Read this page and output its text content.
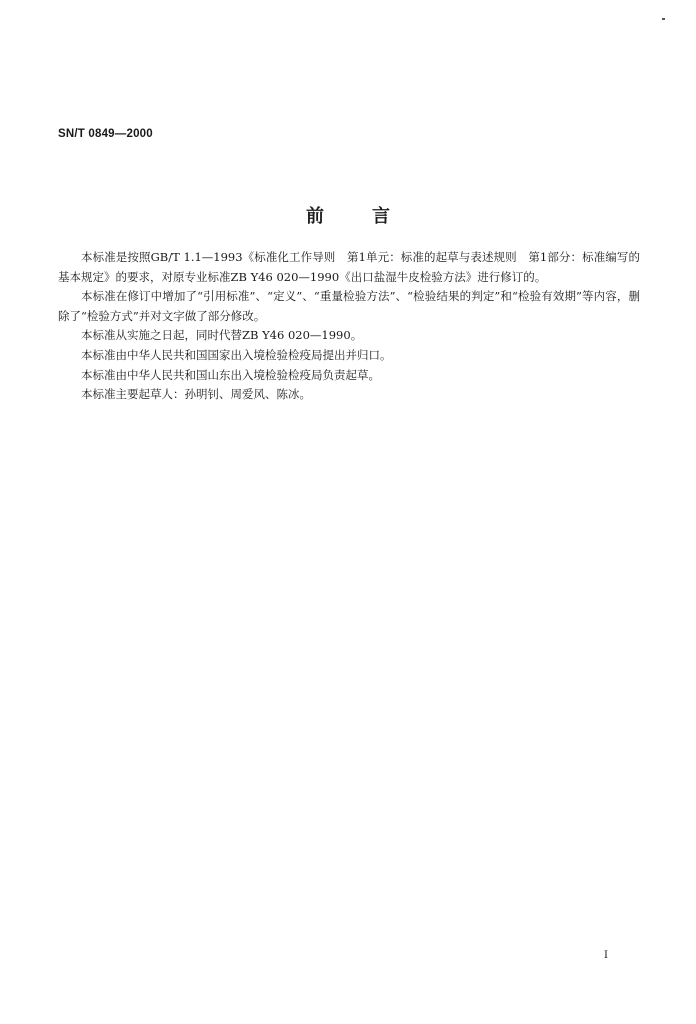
SN/T 0849—2000
前	言

本标准是按照GB/T 1.1—1993《标准化工作导则　第1单元：标准的起草与表述规则　第1部分：标准编写的基本规定》的要求，对原专业标准ZB Y46 020—1990《出口盐湿牛皮检验方法》进行修订的。

本标准在修订中增加了“引用标准”、“定义”、“重量检验方法”、“检验结果的判定”和“检验有效期”等内容，删除了“检验方式”并对文字做了部分修改。

本标准从实施之日起，同时代替ZB Y46 020—1990。

本标准由中华人民共和国国家出入境检验检疫局提出并归口。

本标准由中华人民共和国山东出入境检验检疫局负责起草。

本标准主要起草人：孙明钊、周爱风、陈冰。

I
